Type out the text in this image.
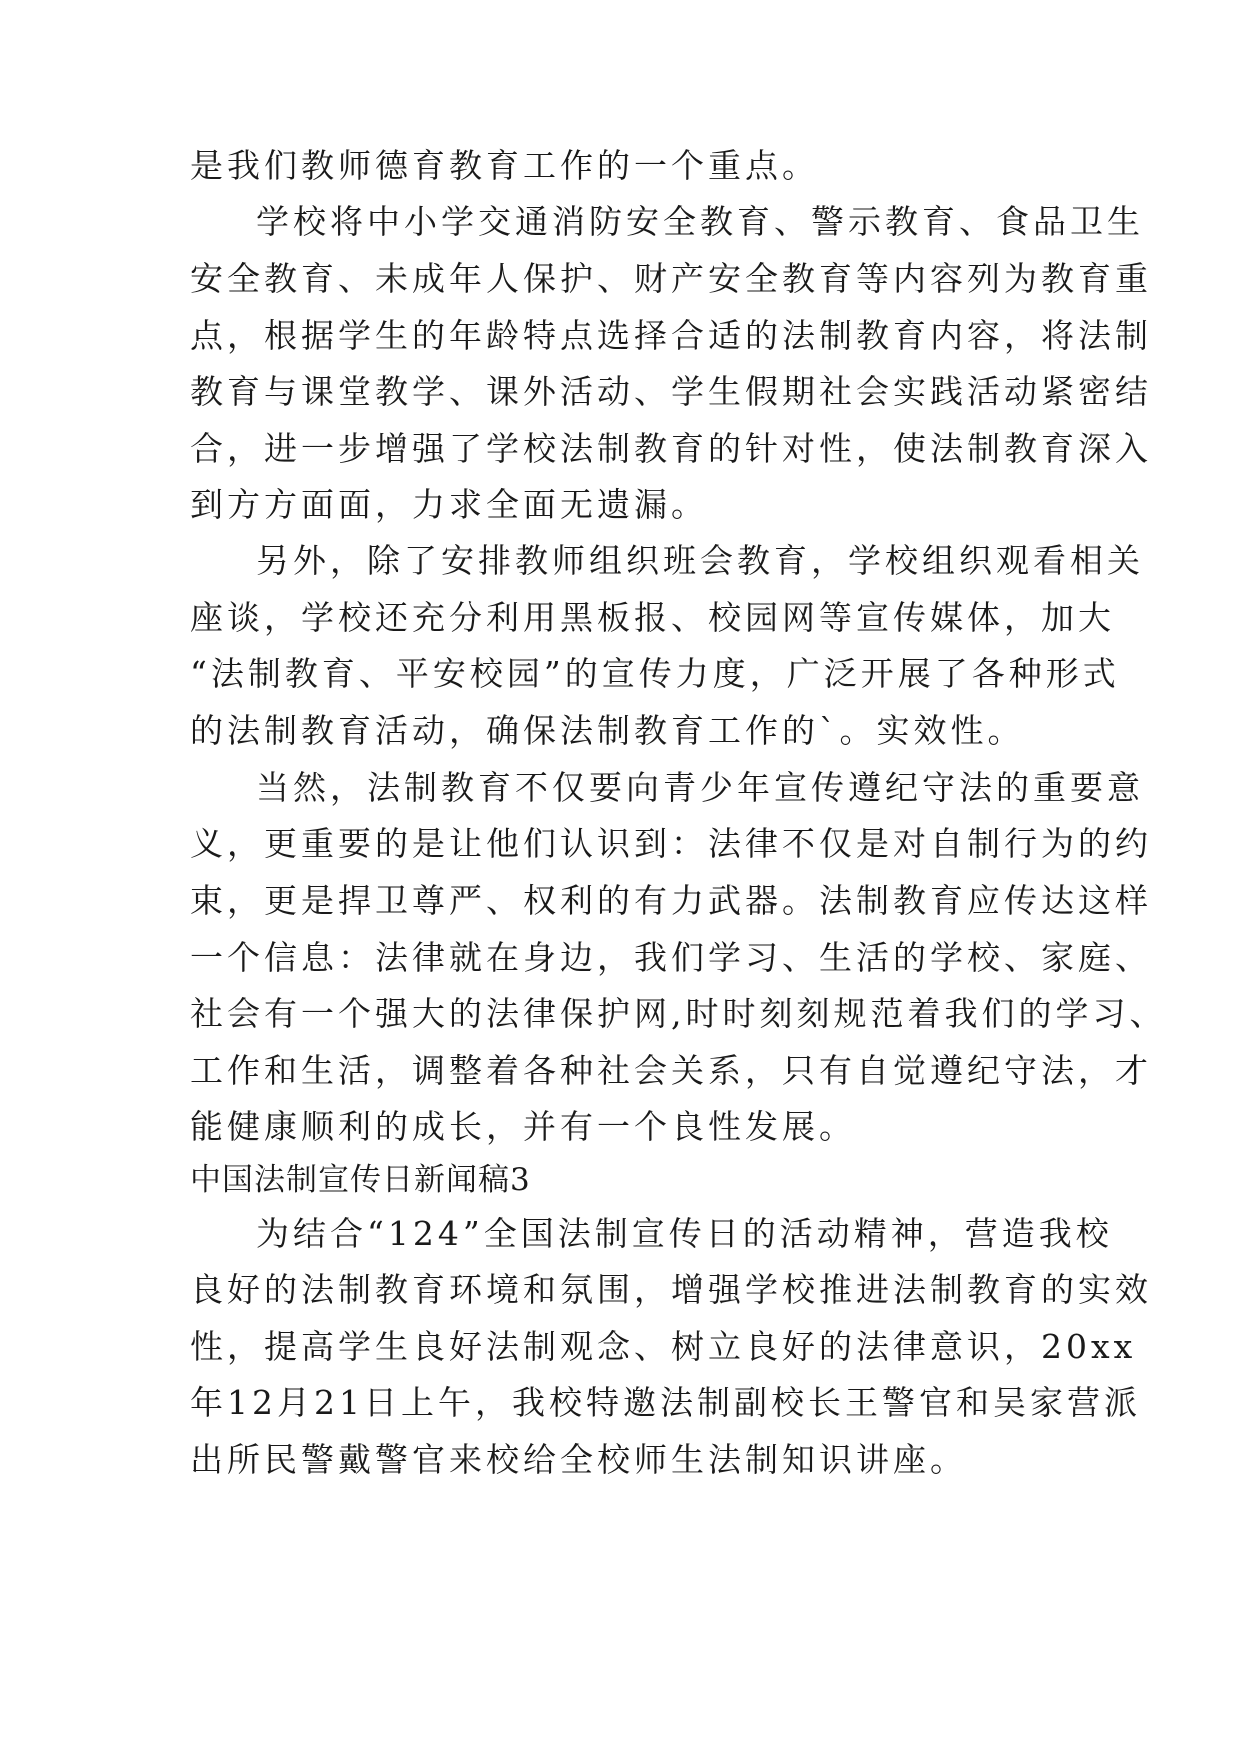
是我们教师德育教育工作的一个重点。
学校将中小学交通消防安全教育、警示教育、食品卫生
安全教育、未成年人保护、财产安全教育等内容列为教育重
点，根据学生的年龄特点选择合适的法制教育内容，将法制
教育与课堂教学、课外活动、学生假期社会实践活动紧密结
合，进一步增强了学校法制教育的针对性，使法制教育深入
到方方面面，力求全面无遗漏。
另外，除了安排教师组织班会教育，学校组织观看相关
座谈，学校还充分利用黑板报、校园网等宣传媒体，加大
“法制教育、平安校园”的宣传力度，广泛开展了各种形式
的法制教育活动，确保法制教育工作的`。实效性。
当然，法制教育不仅要向青少年宣传遵纪守法的重要意
义，更重要的是让他们认识到：法律不仅是对自制行为的约
束，更是捍卫尊严、权利的有力武器。法制教育应传达这样
一个信息：法律就在身边，我们学习、生活的学校、家庭、
社会有一个强大的法律保护网,时时刻刻规范着我们的学习、
工作和生活，调整着各种社会关系，只有自觉遵纪守法，才
能健康顺利的成长，并有一个良性发展。
中国法制宣传日新闻稿3
为结合“124”全国法制宣传日的活动精神，营造我校
良好的法制教育环境和氛围，增强学校推进法制教育的实效
性，提高学生良好法制观念、树立良好的法律意识，20xx
年12月21日上午，我校特邀法制副校长王警官和吴家营派
出所民警戴警官来校给全校师生法制知识讲座。
